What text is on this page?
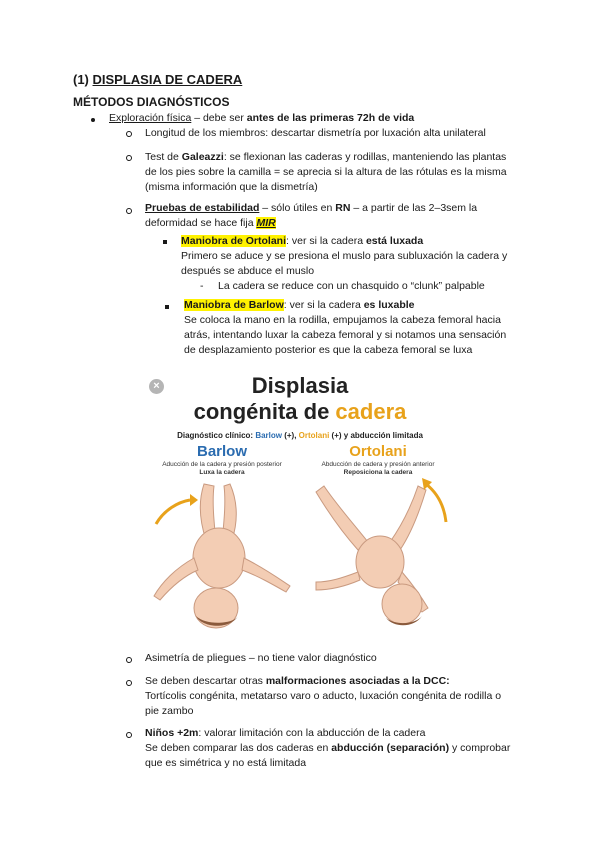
(1) DISPLASIA DE CADERA
MÉTODOS DIAGNÓSTICOS
Exploración física – debe ser antes de las primeras 72h de vida
Longitud de los miembros: descartar dismetría por luxación alta unilateral
Test de Galeazzi: se flexionan las caderas y rodillas, manteniendo las plantas
de los pies sobre la camilla = se aprecia si la altura de las rótulas es la misma
(misma información que la dismetría)
Pruebas de estabilidad – sólo útiles en RN – a partir de las 2–3sem la
deformidad se hace fija MIR
Maniobra de Ortolani: ver si la cadera está luxada
Primero se aduce y se presiona el muslo para subluxación la cadera y
después se abduce el muslo
- La cadera se reduce con un chasquido o “clunk” palpable
Maniobra de Barlow: ver si la cadera es luxable
Se coloca la mano en la rodilla, empujamos la cabeza femoral hacia
atrás, intentando luxar la cabeza femoral y si notamos una sensación
de desplazamiento posterior es que la cabeza femoral se luxa
×	Displasia
congénita de cadera
Diagnóstico clínico: Barlow (+), Ortolani (+) y abducción limitada
Barlow
Aducción de la cadera y presión posterior
Luxa la cadera
Ortolani
Abducción de cadera y presión anterior
Reposiciona la cadera
Asimetría de pliegues – no tiene valor diagnóstico
Se deben descartar otras malformaciones asociadas a la DCC:
Tortícolis congénita, metatarso varo o aducto, luxación congénita de rodilla o
pie zambo
Niños +2m: valorar limitación con la abducción de la cadera
Se deben comparar las dos caderas en abducción (separación) y comprobar
que es simétrica y no está limitada
